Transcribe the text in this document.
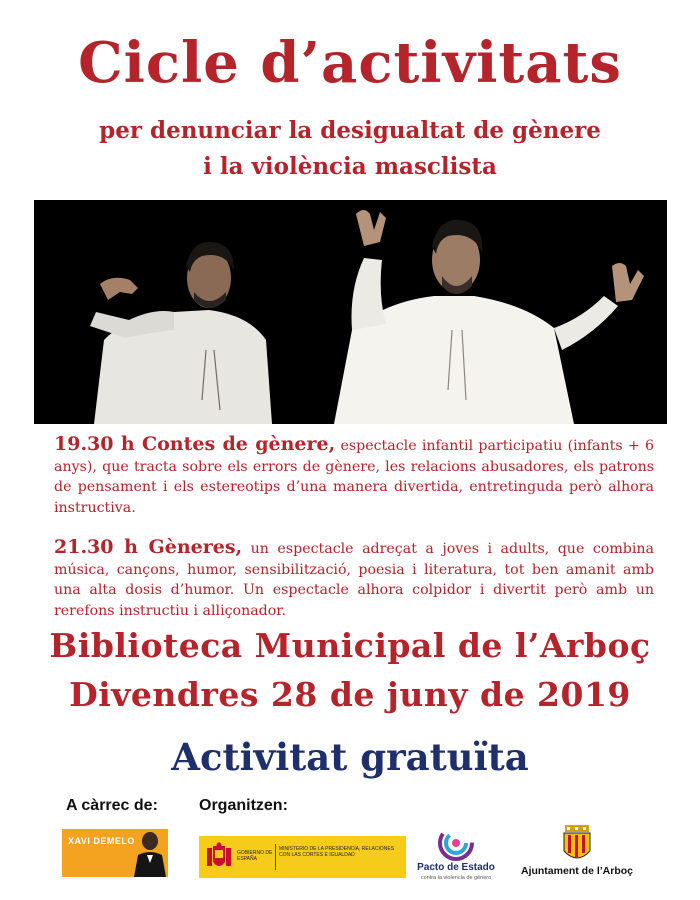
Cicle d’activitats
per denunciar la desigualtat de gènere
i la violència masclista
19.30 h Contes de gènere, espectacle infantil participatiu (infants + 6 anys), que tracta sobre els errors de gènere, les relacions abusadores, els patrons de pensament i els estereotips d’una manera divertida, entretinguda però alhora instructiva.
21.30 h Gèneres, un espectacle adreçat a joves i adults, que combina música, cançons, humor, sensibilització, poesia i literatura, tot ben amanit amb una alta dosis d’humor. Un espectacle alhora colpidor i divertit però amb un rerefons instructiu i alliçonador.
Biblioteca Municipal de l’Arboç
Divendres 28 de juny de 2019
Activitat gratuïta
A càrrec de:	Organitzen:
XAVI DEMELO
GOBIERNO DE ESPAÑA
MINISTERIO DE LA PRESIDENCIA, RELACIONES CON LAS CORTES E IGUALDAD
Pacto de Estado
contra la violencia de género
Ajuntament de l’Arboç
